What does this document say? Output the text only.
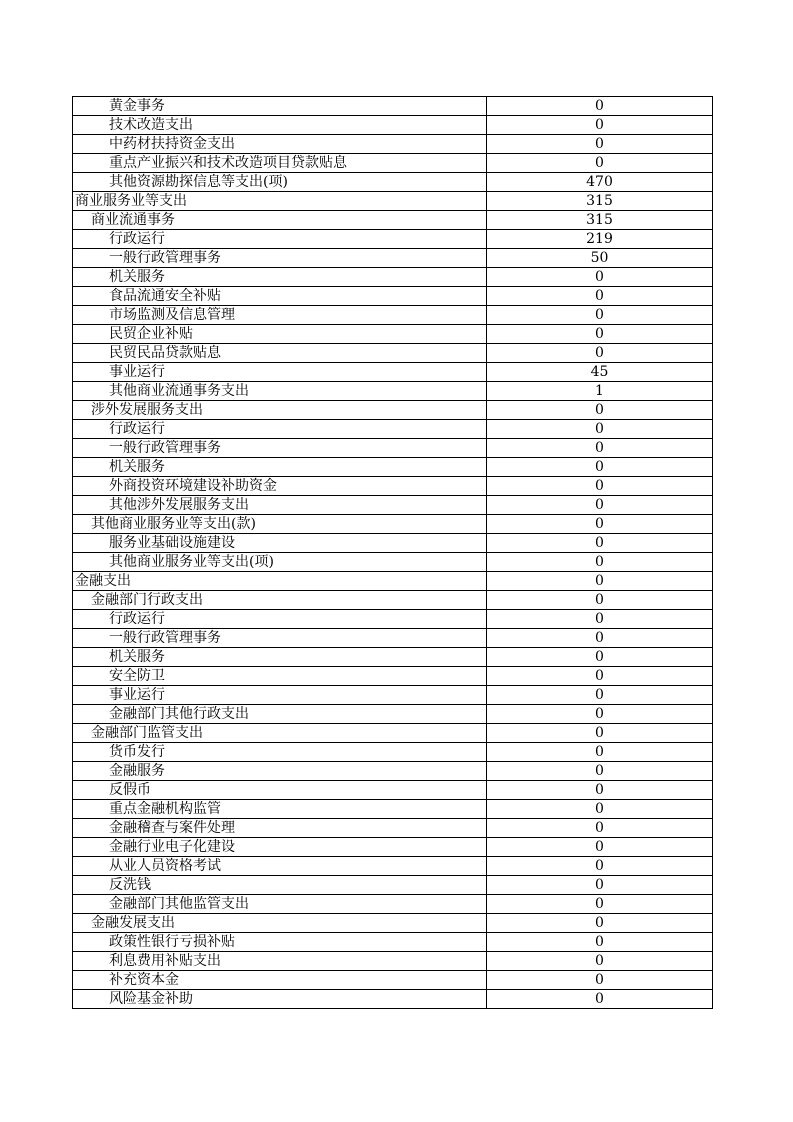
黄金事务	0
技术改造支出	0
中药材扶持资金支出	0
重点产业振兴和技术改造项目贷款贴息	0
其他资源勘探信息等支出(项)	470
商业服务业等支出	315
商业流通事务	315
行政运行	219
一般行政管理事务	50
机关服务	0
食品流通安全补贴	0
市场监测及信息管理	0
民贸企业补贴	0
民贸民品贷款贴息	0
事业运行	45
其他商业流通事务支出	1
涉外发展服务支出	0
行政运行	0
一般行政管理事务	0
机关服务	0
外商投资环境建设补助资金	0
其他涉外发展服务支出	0
其他商业服务业等支出(款)	0
服务业基础设施建设	0
其他商业服务业等支出(项)	0
金融支出	0
金融部门行政支出	0
行政运行	0
一般行政管理事务	0
机关服务	0
安全防卫	0
事业运行	0
金融部门其他行政支出	0
金融部门监管支出	0
货币发行	0
金融服务	0
反假币	0
重点金融机构监管	0
金融稽查与案件处理	0
金融行业电子化建设	0
从业人员资格考试	0
反洗钱	0
金融部门其他监管支出	0
金融发展支出	0
政策性银行亏损补贴	0
利息费用补贴支出	0
补充资本金	0
风险基金补助	0
